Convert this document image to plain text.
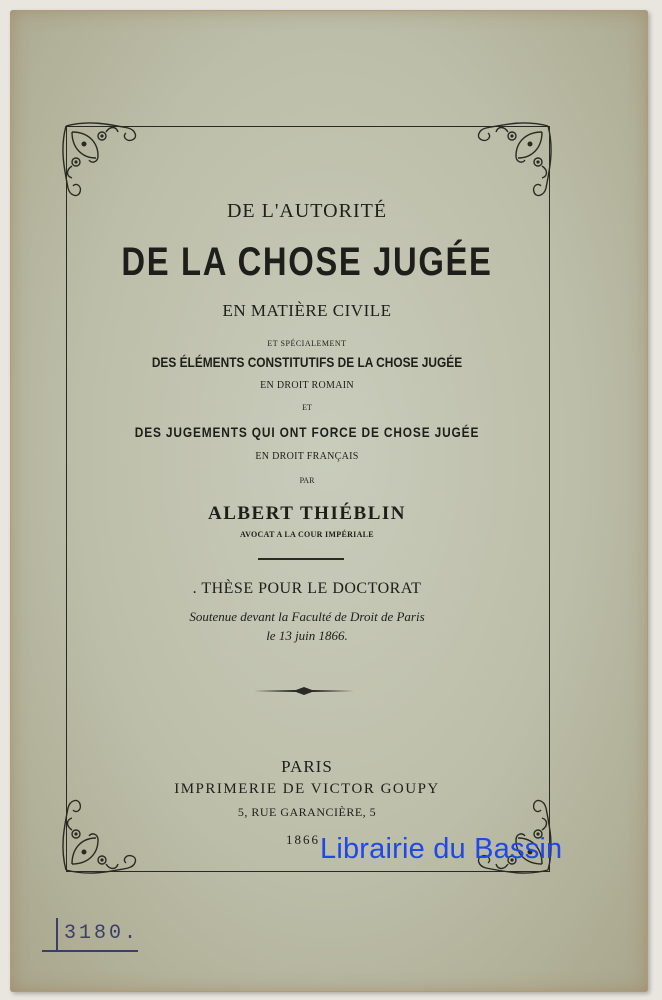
DE L'AUTORITÉ
DE LA CHOSE JUGÉE
EN MATIÈRE CIVILE
ET SPÉCIALEMENT
DES ÉLÉMENTS CONSTITUTIFS DE LA CHOSE JUGÉE
EN DROIT ROMAIN
ET
DES JUGEMENTS QUI ONT FORCE DE CHOSE JUGÉE
EN DROIT FRANÇAIS
PAR
ALBERT THIÉBLIN
AVOCAT A LA COUR IMPÉRIALE
. THÈSE POUR LE DOCTORAT
Soutenue devant la Faculté de Droit de Paris
le 13 juin 1866.
PARIS
IMPRIMERIE DE VICTOR GOUPY
5, RUE GARANCIÈRE, 5
1866 Librairie du Bassin
3180.
